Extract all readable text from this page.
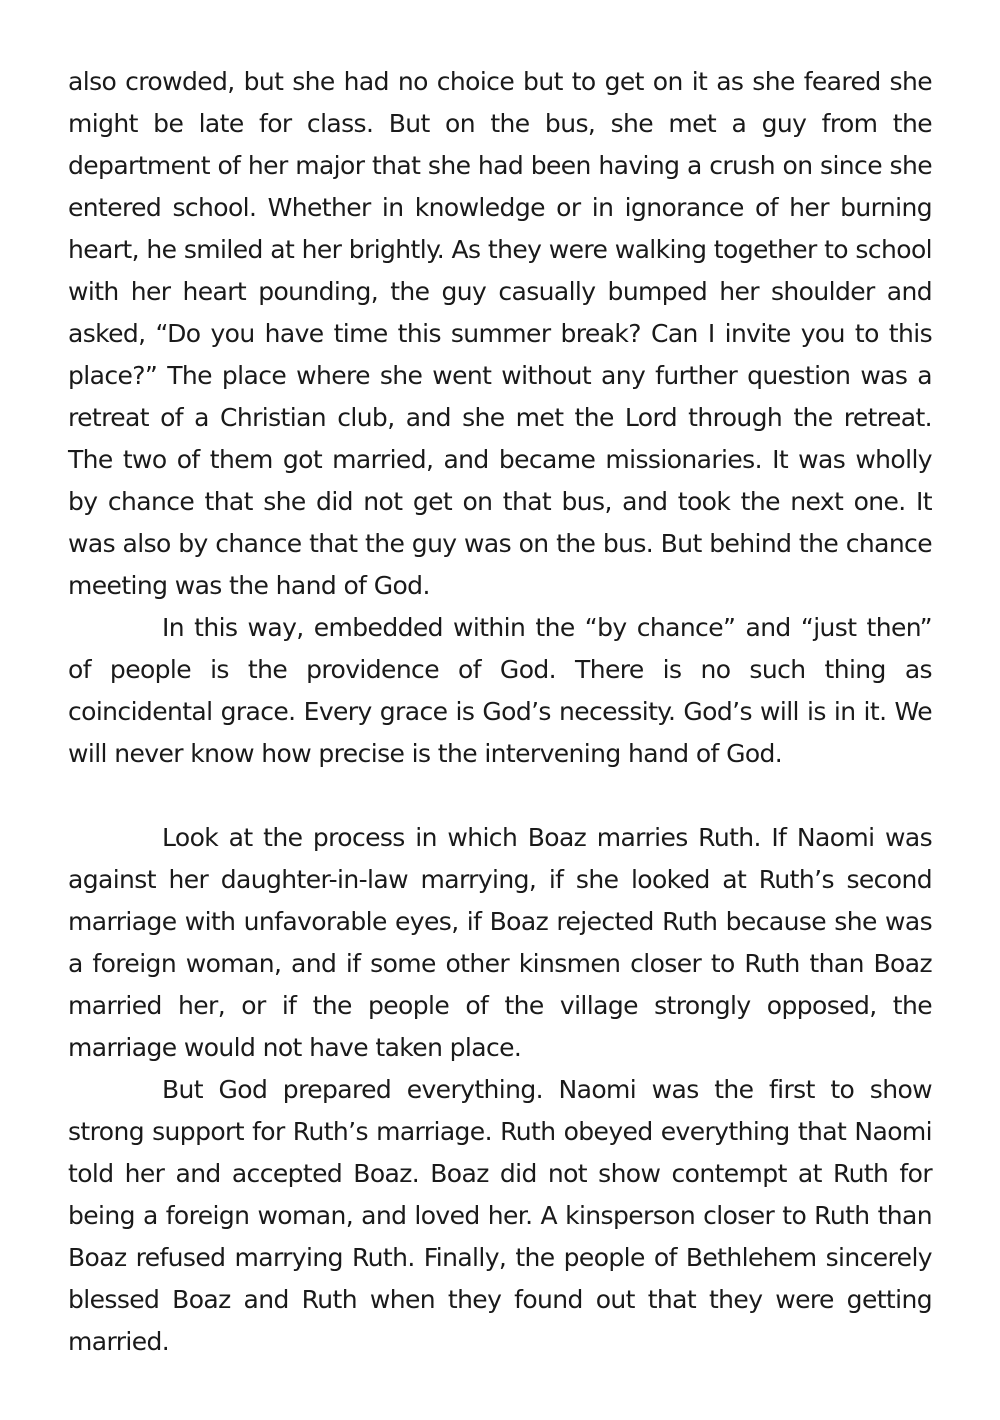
also crowded, but she had no choice but to get on it as she feared she might be late for class. But on the bus, she met a guy from the department of her major that she had been having a crush on since she entered school. Whether in knowledge or in ignorance of her burning heart, he smiled at her brightly. As they were walking together to school with her heart pounding, the guy casually bumped her shoulder and asked, “Do you have time this summer break? Can I invite you to this place?” The place where she went without any further question was a retreat of a Christian club, and she met the Lord through the retreat. The two of them got married, and became missionaries. It was wholly by chance that she did not get on that bus, and took the next one. It was also by chance that the guy was on the bus. But behind the chance meeting was the hand of God.

In this way, embedded within the “by chance” and “just then” of people is the providence of God. There is no such thing as coincidental grace. Every grace is God’s necessity. God’s will is in it. We will never know how precise is the intervening hand of God.

Look at the process in which Boaz marries Ruth. If Naomi was against her daughter-in-law marrying, if she looked at Ruth’s second marriage with unfavorable eyes, if Boaz rejected Ruth because she was a foreign woman, and if some other kinsmen closer to Ruth than Boaz married her, or if the people of the village strongly opposed, the marriage would not have taken place.

But God prepared everything. Naomi was the first to show strong support for Ruth’s marriage. Ruth obeyed everything that Naomi told her and accepted Boaz. Boaz did not show contempt at Ruth for being a foreign woman, and loved her. A kinsperson closer to Ruth than Boaz refused marrying Ruth. Finally, the people of Bethlehem sincerely blessed Boaz and Ruth when they found out that they were getting married.
